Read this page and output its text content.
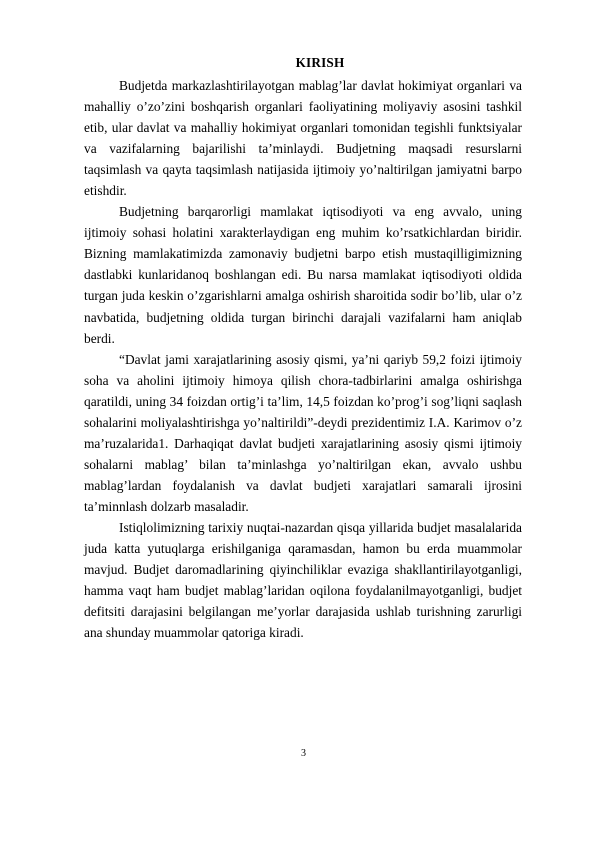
KIRISH

Budjetda markazlashtirilayotgan mablag’lar davlat hokimiyat organlari va mahalliy o’zo’zini boshqarish organlari faoliyatining moliyaviy asosini tashkil etib, ular davlat va mahalliy hokimiyat organlari tomonidan tegishli funktsiyalar va vazifalarning bajarilishi ta’minlaydi. Budjetning maqsadi resurslarni taqsimlash va qayta taqsimlash natijasida ijtimoiy yo’naltirilgan jamiyatni barpo etishdir.

Budjetning barqarorligi mamlakat iqtisodiyoti va eng avvalo, uning ijtimoiy sohasi holatini xarakterlaydigan eng muhim ko’rsatkichlardan biridir. Bizning mamlakatimizda zamonaviy budjetni barpo etish mustaqilligimizning dastlabki kunlaridanoq boshlangan edi. Bu narsa mamlakat iqtisodiyoti oldida turgan juda keskin o’zgarishlarni amalga oshirish sharoitida sodir bo’lib, ular o’z navbatida, budjetning oldida turgan birinchi darajali vazifalarni ham aniqlab berdi.

“Davlat jami xarajatlarining asosiy qismi, ya’ni qariyb 59,2 foizi ijtimoiy soha va aholini ijtimoiy himoya qilish chora-tadbirlarini amalga oshirishga qaratildi, uning 34 foizdan ortig’i ta’lim, 14,5 foizdan ko’prog’i sog’liqni saqlash sohalarini moliyalashtirishga yo’naltirildi”-deydi prezidentimiz I.A. Karimov o’z ma’ruzalarida1. Darhaqiqat davlat budjeti xarajatlarining asosiy qismi ijtimoiy sohalarni mablag’ bilan ta’minlashga yo’naltirilgan ekan, avvalo ushbu mablag’lardan foydalanish va davlat budjeti xarajatlari samarali ijrosini ta’minnlash dolzarb masaladir.

Istiqlolimizning tarixiy nuqtai-nazardan qisqa yillarida budjet masalalarida juda katta yutuqlarga erishilganiga qaramasdan, hamon bu erda muammolar mavjud. Budjet daromadlarining qiyinchiliklar evaziga shakllantirilayotganligi, hamma vaqt ham budjet mablag’laridan oqilona foydalanilmayotganligi, budjet defitsiti darajasini belgilangan me’yorlar darajasida ushlab turishning zarurligi ana shunday muammolar qatoriga kiradi.

3
